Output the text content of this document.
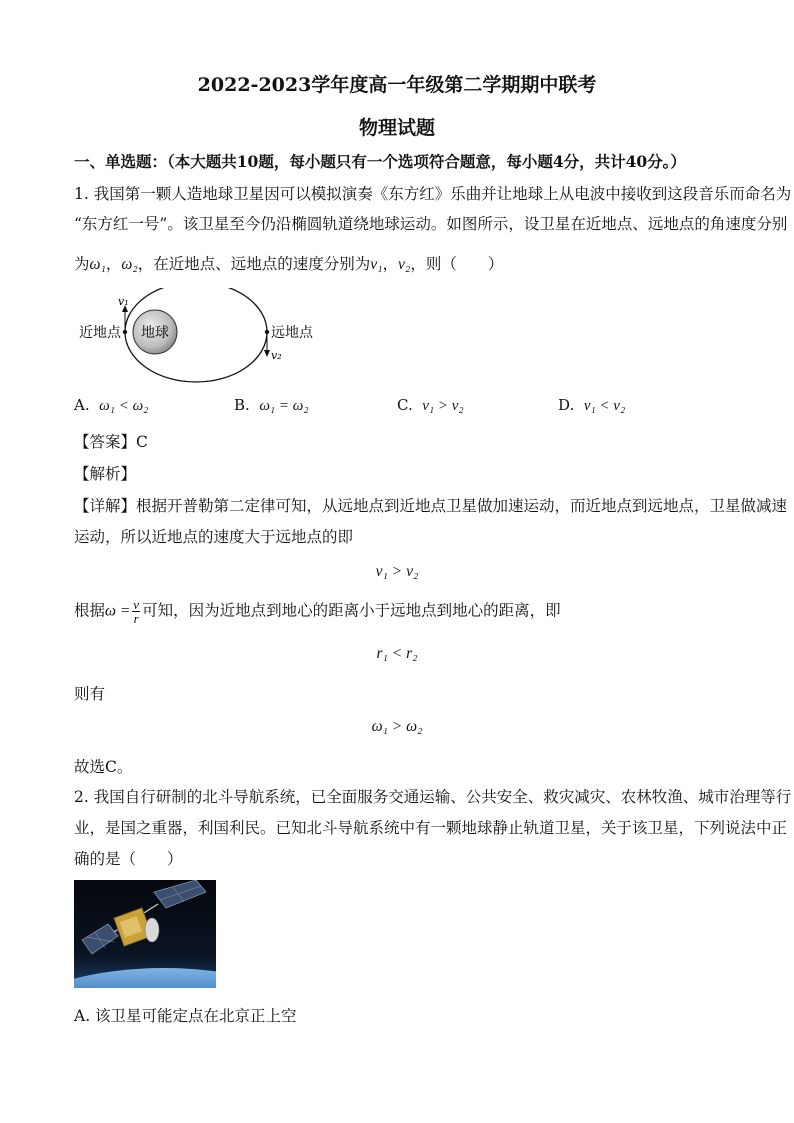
2022-2023学年度高一年级第二学期期中联考
物理试题
一、单选题：（本大题共10题，每小题只有一个选项符合题意，每小题4分，共计40分。）
1. 我国第一颗人造地球卫星因可以模拟演奏《东方红》乐曲并让地球上从电波中接收到这段音乐而命名为
“东方红一号”。该卫星至今仍沿椭圆轨道绕地球运动。如图所示，设卫星在近地点、远地点的角速度分别
为ω₁，ω₂，在近地点、远地点的速度分别为v₁，v₂，则（　　）
地球
近地点	远地点
v₁
v₂
A. ω₁ < ω₂	B. ω₁ = ω₂	C. v₁ > v₂	D. v₁ < v₂
【答案】C
【解析】
【详解】根据开普勒第二定律可知，从远地点到近地点卫星做加速运动，而近地点到远地点，卫星做减速
运动，所以近地点的速度大于远地点的即
v₁ > v₂
根据$\omega = \frac{v}{r}$ 可知，因为近地点到地心的距离小于远地点到地心的距离，即
r₁ < r₂
则有
ω₁ > ω₂
故选C。
2. 我国自行研制的北斗导航系统，已全面服务交通运输、公共安全、救灾减灾、农林牧渔、城市治理等行
业，是国之重器，利国利民。已知北斗导航系统中有一颗地球静止轨道卫星，关于该卫星，下列说法中正
确的是（　　）
A. 该卫星可能定点在北京正上空
